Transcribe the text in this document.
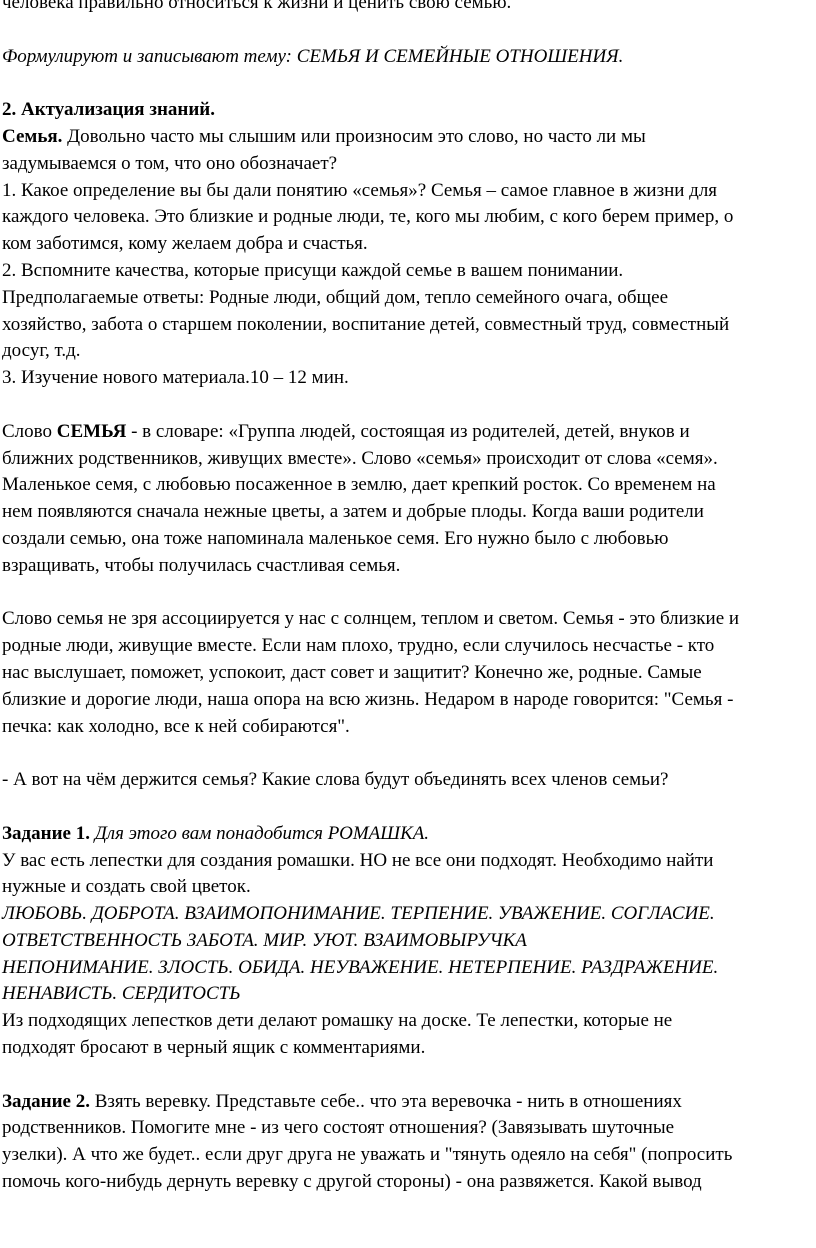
человека правильно относиться к жизни и ценить свою семью.

Формулируют и записывают тему: СЕМЬЯ И СЕМЕЙНЫЕ ОТНОШЕНИЯ.

2. Актуализация знаний.

Семья. Довольно часто мы слышим или произносим это слово, но часто ли мы

задумываемся о том, что оно обозначает?

1. Какое определение вы бы дали понятию «семья»? Семья – самое главное в жизни для

каждого человека. Это близкие и родные люди, те, кого мы любим, с кого берем пример, о

ком заботимся, кому желаем добра и счастья.

2. Вспомните качества, которые присущи каждой семье в вашем понимании.

Предполагаемые ответы: Родные люди, общий дом, тепло семейного очага, общее

хозяйство, забота о старшем поколении, воспитание детей, совместный труд, совместный

досуг, т.д.

3. Изучение нового материала.10 – 12 мин.

Слово СЕМЬЯ - в словаре: «Группа людей, состоящая из родителей, детей, внуков и

ближних родственников, живущих вместе». Слово «семья» происходит от слова «семя».

Маленькое семя, с любовью посаженное в землю, дает крепкий росток. Со временем на

нем появляются сначала нежные цветы, а затем и добрые плоды. Когда ваши родители

создали семью, она тоже напоминала маленькое семя. Его нужно было с любовью

взращивать, чтобы получилась счастливая семья.

Слово семья не зря ассоциируется у нас с солнцем, теплом и светом. Семья - это близкие и

родные люди, живущие вместе. Если нам плохо, трудно, если случилось несчастье - кто

нас выслушает, поможет, успокоит, даст совет и защитит? Конечно же, родные. Самые

близкие и дорогие люди, наша опора на всю жизнь. Недаром в народе говорится: "Семья -

печка: как холодно, все к ней собираются".

- А вот на чём держится семья? Какие слова будут объединять всех членов семьи?

Задание 1. Для этого вам понадобится РОМАШКА.

У вас есть лепестки для создания ромашки. НО не все они подходят. Необходимо найти

нужные и создать свой цветок.

ЛЮБОВЬ. ДОБРОТА. ВЗАИМОПОНИМАНИЕ. ТЕРПЕНИЕ. УВАЖЕНИЕ. СОГЛАСИЕ.

ОТВЕТСТВЕННОСТЬ ЗАБОТА. МИР. УЮТ. ВЗАИМОВЫРУЧКА

НЕПОНИМАНИЕ. ЗЛОСТЬ. ОБИДА. НЕУВАЖЕНИЕ. НЕТЕРПЕНИЕ. РАЗДРАЖЕНИЕ.

НЕНАВИСТЬ. СЕРДИТОСТЬ

Из подходящих лепестков дети делают ромашку на доске. Те лепестки, которые не

подходят бросают в черный ящик с комментариями.

Задание 2. Взять веревку. Представьте себе.. что эта веревочка - нить в отношениях

родственников. Помогите мне - из чего состоят отношения? (Завязывать шуточные

узелки). А что же будет.. если друг друга не уважать и "тянуть одеяло на себя" (попросить

помочь кого-нибудь дернуть веревку с другой стороны) - она развяжется. Какой вывод
